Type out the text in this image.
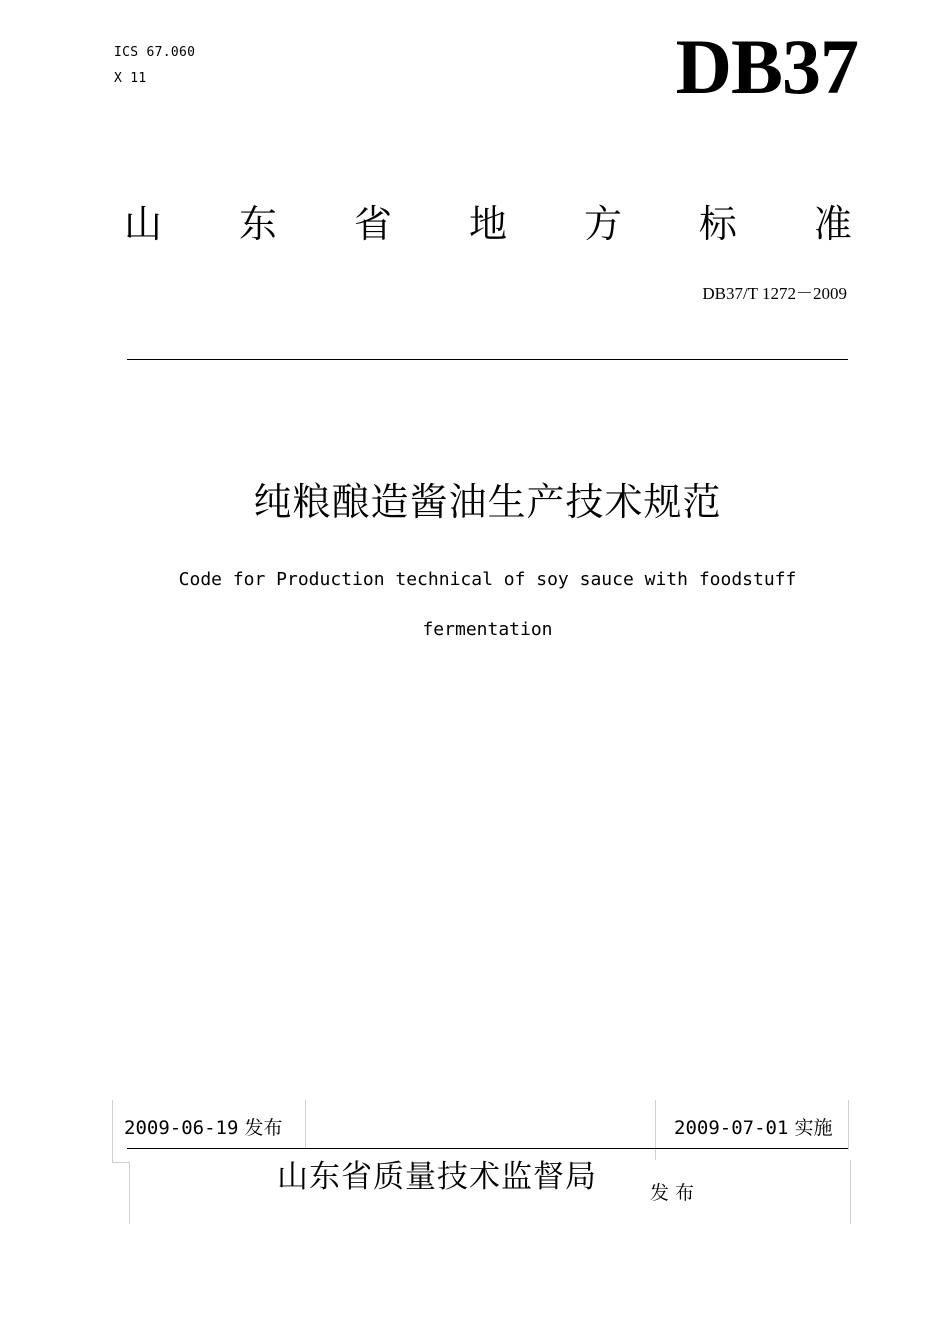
ICS 67.060
X 11	DB37
山 东 省 地 方 标 准
DB37/T 1272－2009
纯粮酿造酱油生产技术规范
Code for Production technical of soy sauce with foodstuff
fermentation
2009-06-19 发布	2009-07-01 实施
山东省质量技术监督局	发布
